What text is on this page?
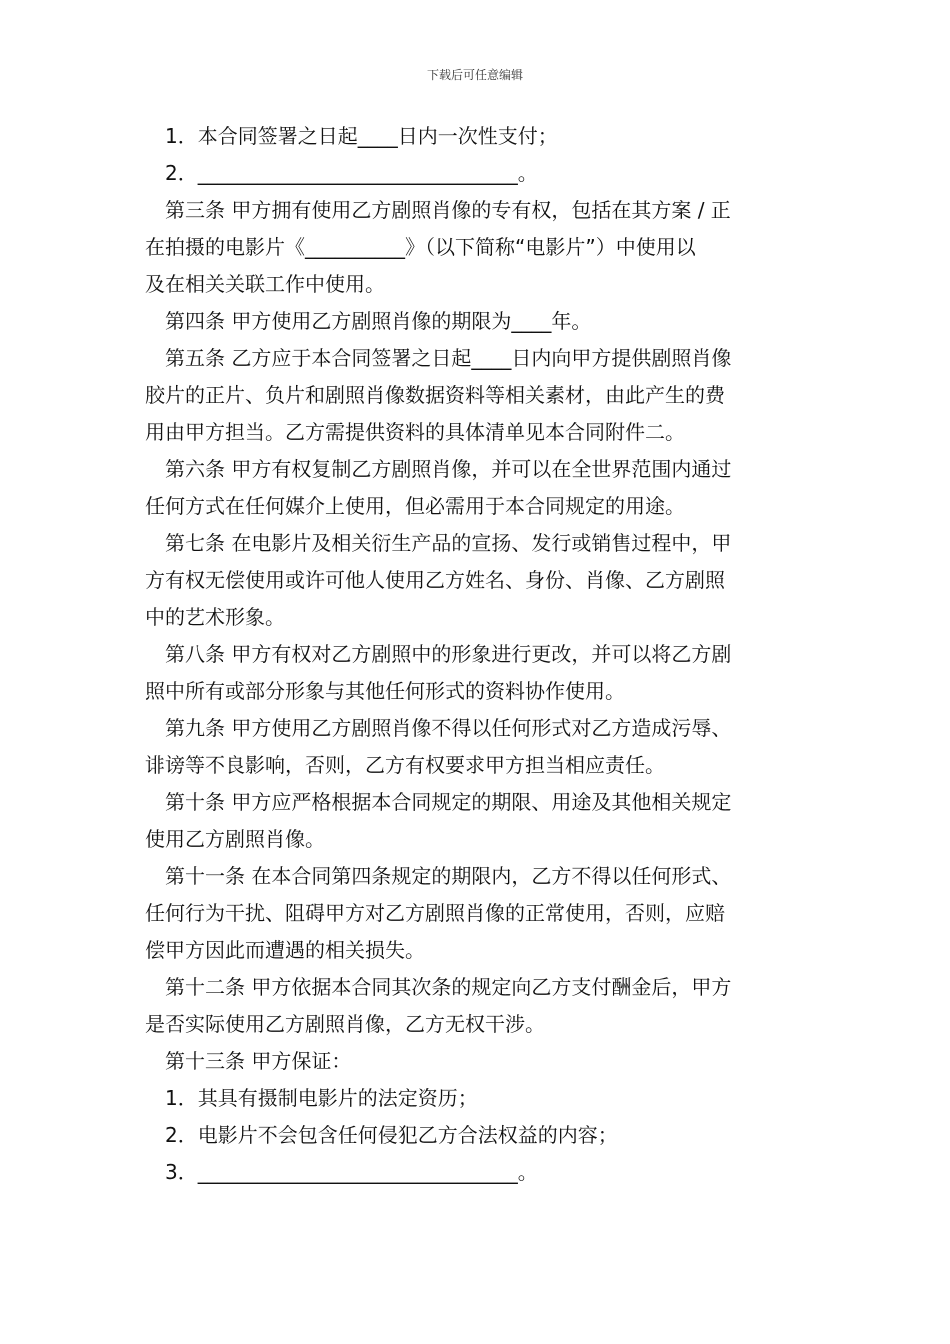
下载后可任意编辑
1．本合同签署之日起____日内一次性支付；
2．________________________________。
第三条 甲方拥有使用乙方剧照肖像的专有权，包括在其方案 / 正
在拍摄的电影片《__________》（以下简称“电影片”）中使用以
及在相关关联工作中使用。
第四条 甲方使用乙方剧照肖像的期限为____年。
第五条 乙方应于本合同签署之日起____日内向甲方提供剧照肖像
胶片的正片、负片和剧照肖像数据资料等相关素材，由此产生的费
用由甲方担当。乙方需提供资料的具体清单见本合同附件二。
第六条 甲方有权复制乙方剧照肖像，并可以在全世界范围内通过
任何方式在任何媒介上使用，但必需用于本合同规定的用途。
第七条 在电影片及相关衍生产品的宣扬、发行或销售过程中，甲
方有权无偿使用或许可他人使用乙方姓名、身份、肖像、乙方剧照
中的艺术形象。
第八条 甲方有权对乙方剧照中的形象进行更改，并可以将乙方剧
照中所有或部分形象与其他任何形式的资料协作使用。
第九条 甲方使用乙方剧照肖像不得以任何形式对乙方造成污辱、
诽谤等不良影响，否则，乙方有权要求甲方担当相应责任。
第十条 甲方应严格根据本合同规定的期限、用途及其他相关规定
使用乙方剧照肖像。
第十一条 在本合同第四条规定的期限内，乙方不得以任何形式、
任何行为干扰、阻碍甲方对乙方剧照肖像的正常使用，否则，应赔
偿甲方因此而遭遇的相关损失。
第十二条 甲方依据本合同其次条的规定向乙方支付酬金后，甲方
是否实际使用乙方剧照肖像，乙方无权干涉。
第十三条 甲方保证：
1．其具有摄制电影片的法定资历；
2．电影片不会包含任何侵犯乙方合法权益的内容；
3．________________________________。
